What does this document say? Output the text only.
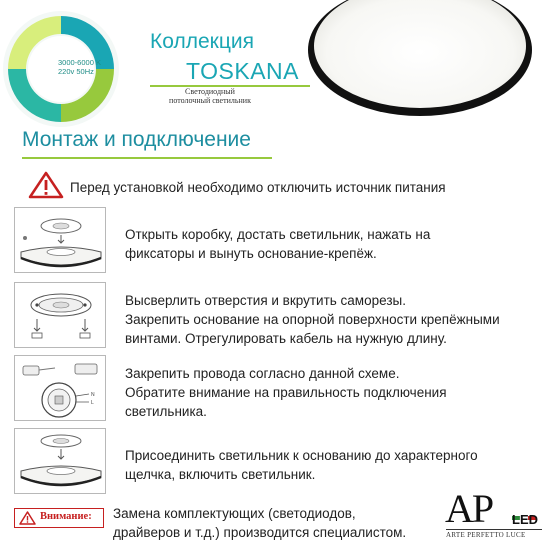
3000-6000 K
220v 50Hz
Коллекция
TOSKANA
Светодиодный
потолочный светильник
Монтаж и подключение
Перед установкой необходимо отключить источник питания

Открыть коробку, достать светильник, нажать на

фиксаторы и вынуть основание-крепёж.

Высверлить отверстия и вкрутить саморезы.

Закрепить основание на опорной поверхности крепёжными

винтами. Отрегулировать кабель на нужную длину.

N
L

Закрепить провода согласно данной схеме.

Обратите внимание на правильность подключения

светильника.

Присоединить светильник к основанию до характерного

щелчка, включить светильник.

Внимание: Замена комплектующих (светодиодов,
драйверов и т.д.) производится специалистом.
AP LED
ARTE PERFETTO LUCE
